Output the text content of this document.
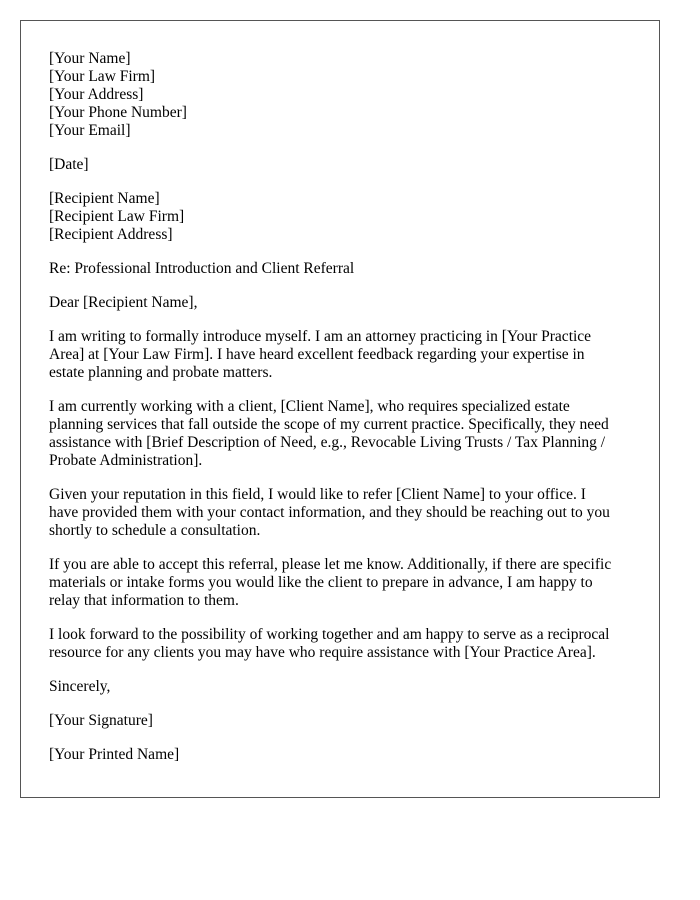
[Your Name]
[Your Law Firm]
[Your Address]
[Your Phone Number]
[Your Email]
[Date]
[Recipient Name]
[Recipient Law Firm]
[Recipient Address]
Re: Professional Introduction and Client Referral
Dear [Recipient Name],

I am writing to formally introduce myself. I am an attorney practicing in [Your Practice
Area] at [Your Law Firm]. I have heard excellent feedback regarding your expertise in
estate planning and probate matters.

I am currently working with a client, [Client Name], who requires specialized estate
planning services that fall outside the scope of my current practice. Specifically, they need
assistance with [Brief Description of Need, e.g., Revocable Living Trusts / Tax Planning /
Probate Administration].

Given your reputation in this field, I would like to refer [Client Name] to your office. I
have provided them with your contact information, and they should be reaching out to you
shortly to schedule a consultation.

If you are able to accept this referral, please let me know. Additionally, if there are specific
materials or intake forms you would like the client to prepare in advance, I am happy to
relay that information to them.

I look forward to the possibility of working together and am happy to serve as a reciprocal
resource for any clients you may have who require assistance with [Your Practice Area].

Sincerely,
[Your Signature]
[Your Printed Name]
